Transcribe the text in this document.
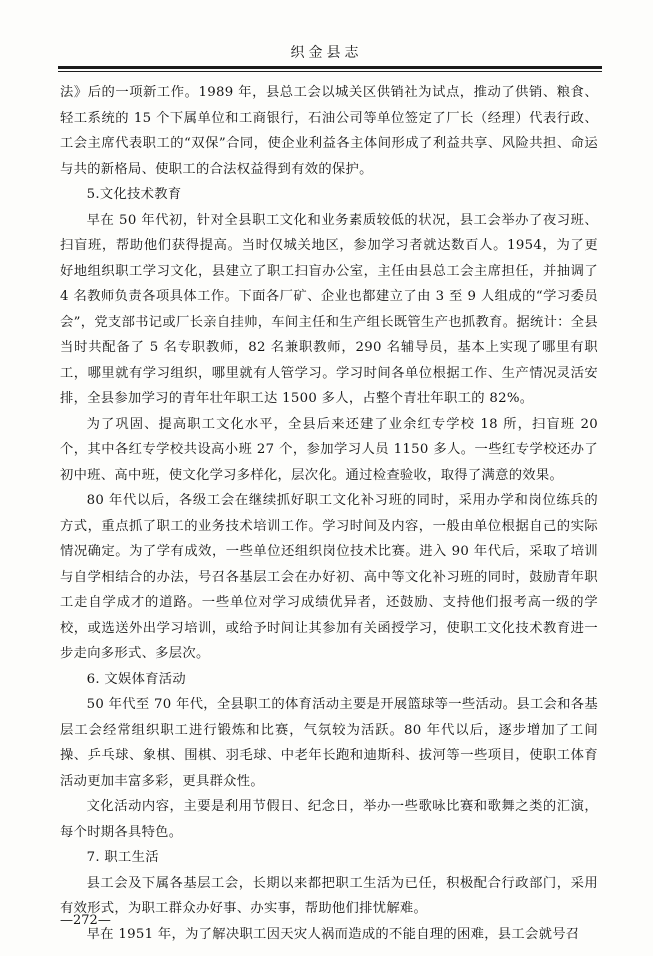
织金县志

法》后的一项新工作。1989 年，县总工会以城关区供销社为试点，推动了供销、粮食、轻工系统的 15 个下属单位和工商银行，石油公司等单位签定了厂长（经理）代表行政、工会主席代表职工的“双保”合同，使企业利益各主体间形成了利益共享、风险共担、命运与共的新格局、使职工的合法权益得到有效的保护。

5.文化技术教育

早在 50 年代初，针对全县职工文化和业务素质较低的状况，县工会举办了夜习班、扫盲班，帮助他们获得提高。当时仅城关地区，参加学习者就达数百人。1954，为了更好地组织职工学习文化，县建立了职工扫盲办公室，主任由县总工会主席担任，并抽调了 4 名教师负责各项具体工作。下面各厂矿、企业也都建立了由 3 至 9 人组成的“学习委员会”，党支部书记或厂长亲自挂帅，车间主任和生产组长既管生产也抓教育。据统计：全县当时共配备了 5 名专职教师，82 名兼职教师，290 名辅导员，基本上实现了哪里有职工，哪里就有学习组织，哪里就有人管学习。学习时间各单位根据工作、生产情况灵活安排，全县参加学习的青年壮年职工达 1500 多人，占整个青壮年职工的 82%。

为了巩固、提高职工文化水平，全县后来还建了业余红专学校 18 所，扫盲班 20 个，其中各红专学校共设高小班 27 个，参加学习人员 1150 多人。一些红专学校还办了初中班、高中班，使文化学习多样化，层次化。通过检查验收，取得了满意的效果。

80 年代以后，各级工会在继续抓好职工文化补习班的同时，采用办学和岗位练兵的方式，重点抓了职工的业务技术培训工作。学习时间及内容，一般由单位根据自己的实际情况确定。为了学有成效，一些单位还组织岗位技术比赛。进入 90 年代后，采取了培训与自学相结合的办法，号召各基层工会在办好初、高中等文化补习班的同时，鼓励青年职工走自学成才的道路。一些单位对学习成绩优异者，还鼓励、支持他们报考高一级的学校，或选送外出学习培训，或给予时间让其参加有关函授学习，使职工文化技术教育进一步走向多形式、多层次。

6. 文娱体育活动

50 年代至 70 年代，全县职工的体育活动主要是开展篮球等一些活动。县工会和各基层工会经常组织职工进行锻炼和比赛，气氛较为活跃。80 年代以后，逐步增加了工间操、乒乓球、象棋、围棋、羽毛球、中老年长跑和迪斯科、拔河等一些项目，使职工体育活动更加丰富多彩，更具群众性。

文化活动内容，主要是利用节假日、纪念日，举办一些歌咏比赛和歌舞之类的汇演，每个时期各具特色。

7. 职工生活

县工会及下属各基层工会，长期以来都把职工生活为已任，积极配合行政部门，采用有效形式，为职工群众办好事、办实事，帮助他们排忧解难。

早在 1951 年，为了解决职工因天灾人祸而造成的不能自理的困难，县工会就号召

—272—
